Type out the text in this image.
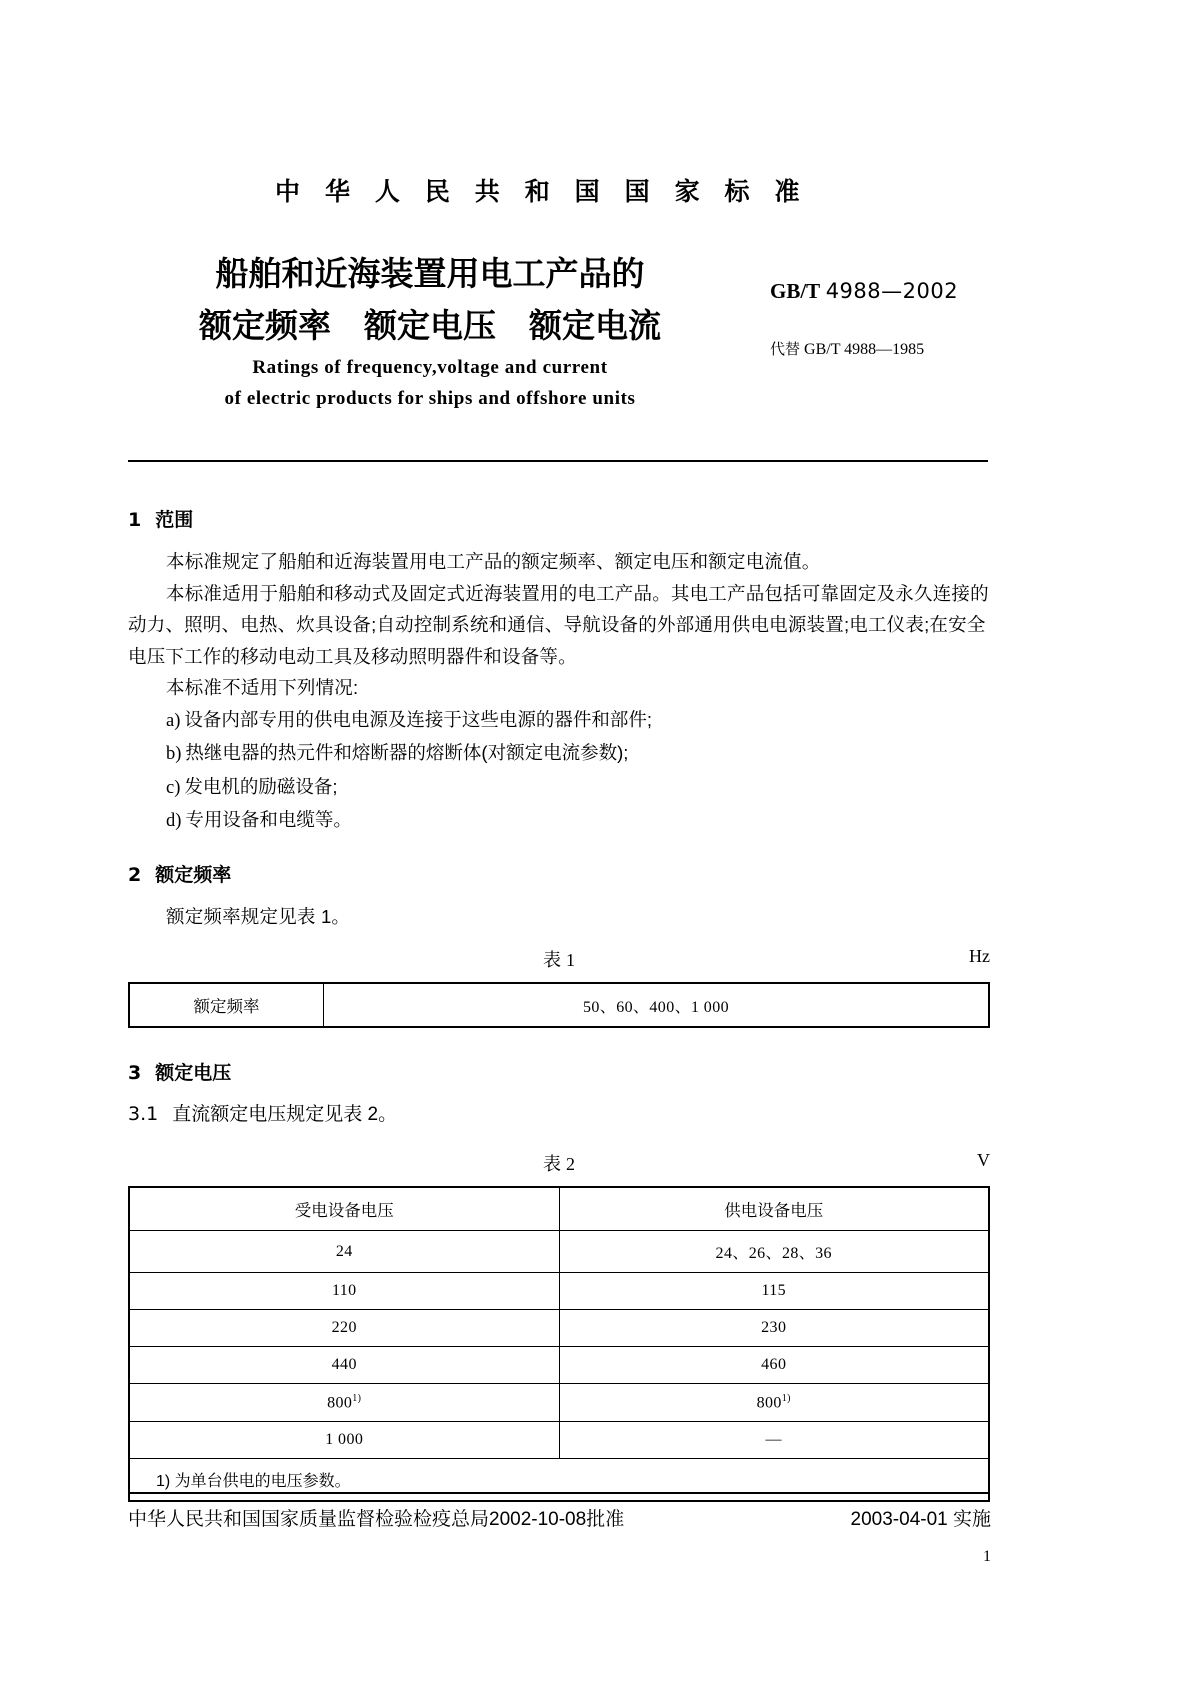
中 华 人 民 共 和 国 国 家 标 准
船舶和近海装置用电工产品的
额定频率　额定电压　额定电流
Ratings of frequency,voltage and current
of electric products for ships and offshore units
GB/T 4988—2002
代替 GB/T 4988—1985
1 范围

本标准规定了船舶和近海装置用电工产品的额定频率、额定电压和额定电流值。

本标准适用于船舶和移动式及固定式近海装置用的电工产品。其电工产品包括可靠固定及永久连接的动力、照明、电热、炊具设备;自动控制系统和通信、导航设备的外部通用供电电源装置;电工仪表;在安全电压下工作的移动电动工具及移动照明器件和设备等。

本标准不适用下列情况:

a) 设备内部专用的供电电源及连接于这些电源的器件和部件;
b) 热继电器的热元件和熔断器的熔断体(对额定电流参数);
c) 发电机的励磁设备;
d) 专用设备和电缆等。
2 额定频率

额定频率规定见表 1。

表 1	Hz
额定频率	50、60、400、1 000
3 额定电压
3.1 直流额定电压规定见表 2。
表 2	V
受电设备电压	供电设备电压
24	24、26、28、36
110	115
220	230
440	460
800$^{1)}$	800$^{1)}$
1 000	—
1) 为单台供电的电压参数。	
中华人民共和国国家质量监督检验检疫总局2002-10-08批准	2003-04-01 实施
1
